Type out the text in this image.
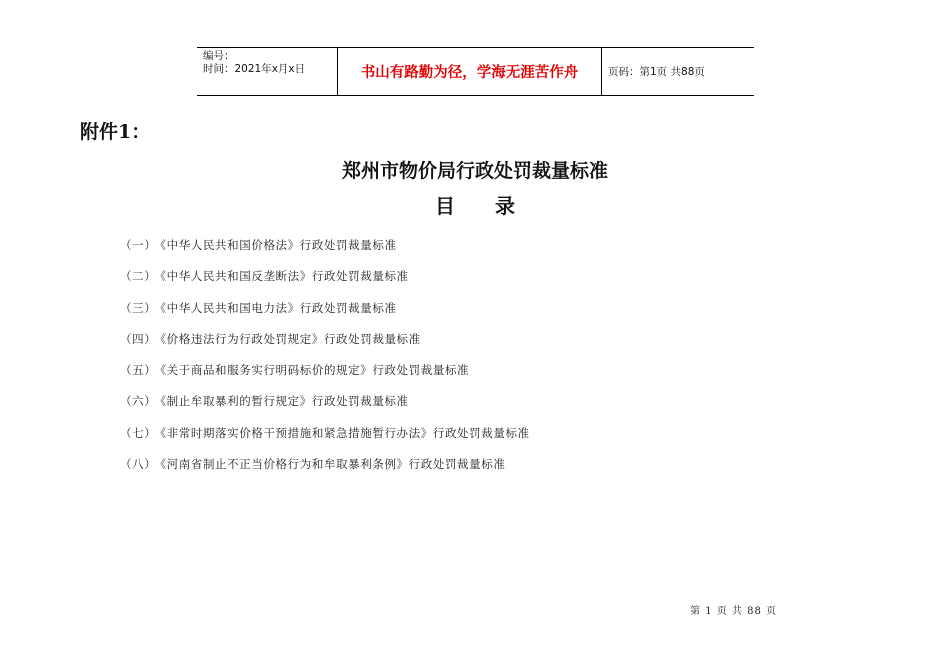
编号：
时间：2021年x月x日	书山有路勤为径，学海无涯苦作舟	页码：第1页 共88页
附件1：
郑州市物价局行政处罚裁量标准
目录
（一） 《中华人民共和国价格法》行政处罚裁量标准
（二） 《中华人民共和国反垄断法》行政处罚裁量标准
（三） 《中华人民共和国电力法》行政处罚裁量标准
（四） 《价格违法行为行政处罚规定》行政处罚裁量标准
（五） 《关于商品和服务实行明码标价的规定》行政处罚裁量标准
（六） 《制止牟取暴利的暂行规定》行政处罚裁量标准
（七） 《非常时期落实价格干预措施和紧急措施暂行办法》行政处罚裁量标准
（八） 《河南省制止不正当价格行为和牟取暴利条例》行政处罚裁量标准
第 1 页 共 88 页
